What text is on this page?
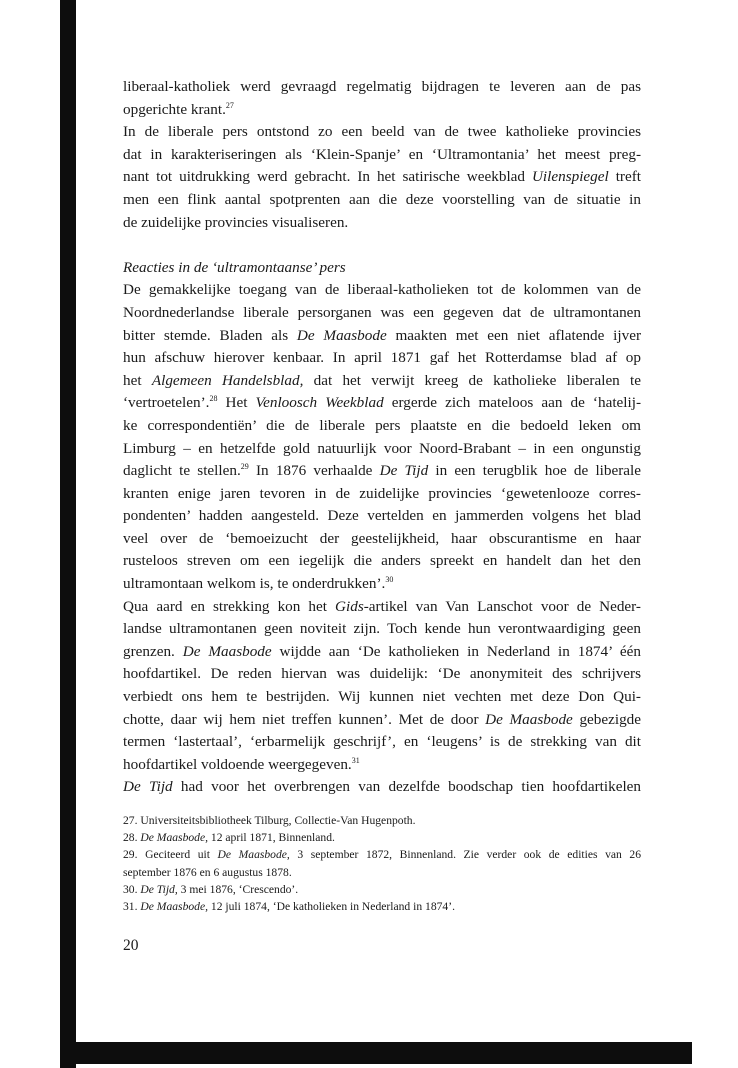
liberaal-katholiek werd gevraagd regelmatig bijdragen te leveren aan de pas
opgerichte krant.$^{27}$
In de liberale pers ontstond zo een beeld van de twee katholieke provincies
dat in karakteriseringen als ‘Klein-Spanje’ en ‘Ultramontania’ het meest preg-
nant tot uitdrukking werd gebracht. In het satirische weekblad Uilenspiegel treft
men een flink aantal spotprenten aan die deze voorstelling van de situatie in
de zuidelijke provincies visualiseren.
Reacties in de ‘ultramontaanse’ pers
De gemakkelijke toegang van de liberaal-katholieken tot de kolommen van de
Noordnederlandse liberale persorganen was een gegeven dat de ultramontanen
bitter stemde. Bladen als De Maasbode maakten met een niet aflatende ijver
hun afschuw hierover kenbaar. In april 1871 gaf het Rotterdamse blad af op
het Algemeen Handelsblad, dat het verwijt kreeg de katholieke liberalen te
‘vertroetelen’.$^{28}$ Het Venloosch Weekblad ergerde zich mateloos aan de ‘hatelij-
ke correspondentiën’ die de liberale pers plaatste en die bedoeld leken om
Limburg – en hetzelfde gold natuurlijk voor Noord-Brabant – in een ongunstig
daglicht te stellen.$^{29}$ In 1876 verhaalde De Tijd in een terugblik hoe de liberale
kranten enige jaren tevoren in de zuidelijke provincies ‘gewetenlooze corres-
pondenten’ hadden aangesteld. Deze vertelden en jammerden volgens het blad
veel over de ‘bemoeizucht der geestelijkheid, haar obscurantisme en haar
rusteloos streven om een iegelijk die anders spreekt en handelt dan het den
ultramontaan welkom is, te onderdrukken’.$^{30}$
Qua aard en strekking kon het Gids-artikel van Van Lanschot voor de Neder-
landse ultramontanen geen noviteit zijn. Toch kende hun verontwaardiging geen
grenzen. De Maasbode wijdde aan ‘De katholieken in Nederland in 1874’ één
hoofdartikel. De reden hiervan was duidelijk: ‘De anonymiteit des schrijvers
verbiedt ons hem te bestrijden. Wij kunnen niet vechten met deze Don Qui-
chotte, daar wij hem niet treffen kunnen’. Met de door De Maasbode gebezigde
termen ‘lastertaal’, ‘erbarmelijk geschrijf’, en ‘leugens’ is de strekking van dit
hoofdartikel voldoende weergegeven.$^{31}$
De Tijd had voor het overbrengen van dezelfde boodschap tien hoofdartikelen
27. Universiteitsbibliotheek Tilburg, Collectie-Van Hugenpoth.
28. De Maasbode, 12 april 1871, Binnenland.
29. Geciteerd uit De Maasbode, 3 september 1872, Binnenland. Zie verder ook de edities van 26
september 1876 en 6 augustus 1878.
30. De Tijd, 3 mei 1876, ‘Crescendo’.
31. De Maasbode, 12 juli 1874, ‘De katholieken in Nederland in 1874’.
20
